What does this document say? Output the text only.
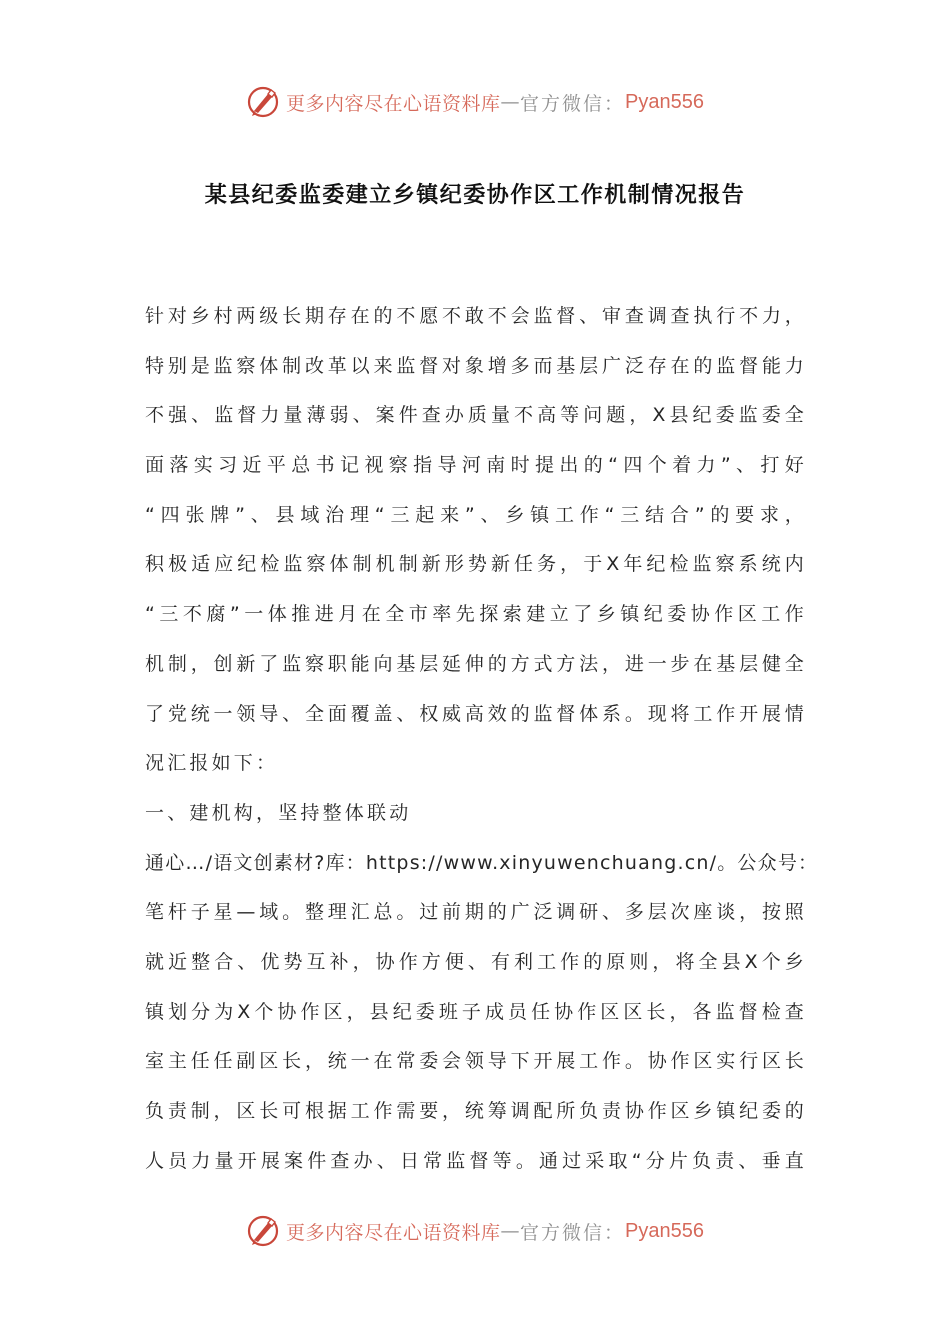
更多内容尽在心语资料库 — 官方微信： Pyan556
某县纪委监委建立乡镇纪委协作区工作机制情况报告
针对乡村两级长期存在的不愿不敢不会监督、审查调查执行不力，
特别是监察体制改革以来监督对象增多而基层广泛存在的监督能力
不强、监督力量薄弱、案件查办质量不高等问题，X县纪委监委全
面落实习近平总书记视察指导河南时提出的“四个着力”、打好
“四张牌”、县域治理“三起来”、乡镇工作“三结合”的要求，
积极适应纪检监察体制机制新形势新任务，于X年纪检监察系统内
“三不腐”一体推进月在全市率先探索建立了乡镇纪委协作区工作
机制，创新了监察职能向基层延伸的方式方法，进一步在基层健全
了党统一领导、全面覆盖、权威高效的监督体系。现将工作开展情
况汇报如下：
一、建机构，坚持整体联动
通心…/语文创素材?库：https://www.xinyuwenchuang.cn/。公众号：
笔杆子星—域。整理汇总。过前期的广泛调研、多层次座谈，按照
就近整合、优势互补，协作方便、有利工作的原则，将全县X个乡
镇划分为X个协作区，县纪委班子成员任协作区区长，各监督检查
室主任任副区长，统一在常委会领导下开展工作。协作区实行区长
负责制，区长可根据工作需要，统筹调配所负责协作区乡镇纪委的
人员力量开展案件查办、日常监督等。通过采取“分片负责、垂直
更多内容尽在心语资料库 — 官方微信： Pyan556
